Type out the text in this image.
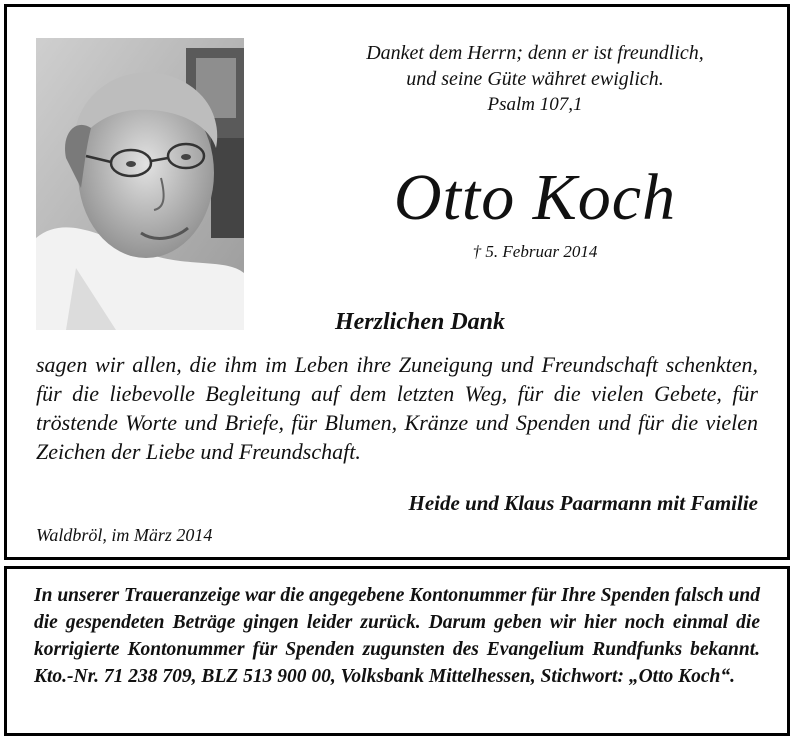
Danket dem Herrn; denn er ist freundlich,
und seine Güte währet ewiglich.
Psalm 107,1
Otto Koch
† 5. Februar 2014
Herzlichen Dank
sagen wir allen, die ihm im Leben ihre Zuneigung und Freundschaft schenkten, für die liebevolle Begleitung auf dem letzten Weg, für die vielen Gebete, für tröstende Worte und Briefe, für Blumen, Kränze und Spenden und für die vielen Zeichen der Liebe und Freundschaft.
Heide und Klaus Paarmann mit Familie
Waldbröl, im März 2014
In unserer Traueranzeige war die angegebene Kontonummer für Ihre Spenden falsch und die gespendeten Beträge gingen leider zurück. Darum geben wir hier noch einmal die korrigierte Kontonummer für Spenden zugunsten des Evangelium Rundfunks bekannt. Kto.-Nr. 71 238 709, BLZ 513 900 00, Volksbank Mittelhessen, Stichwort: „Otto Koch“.
